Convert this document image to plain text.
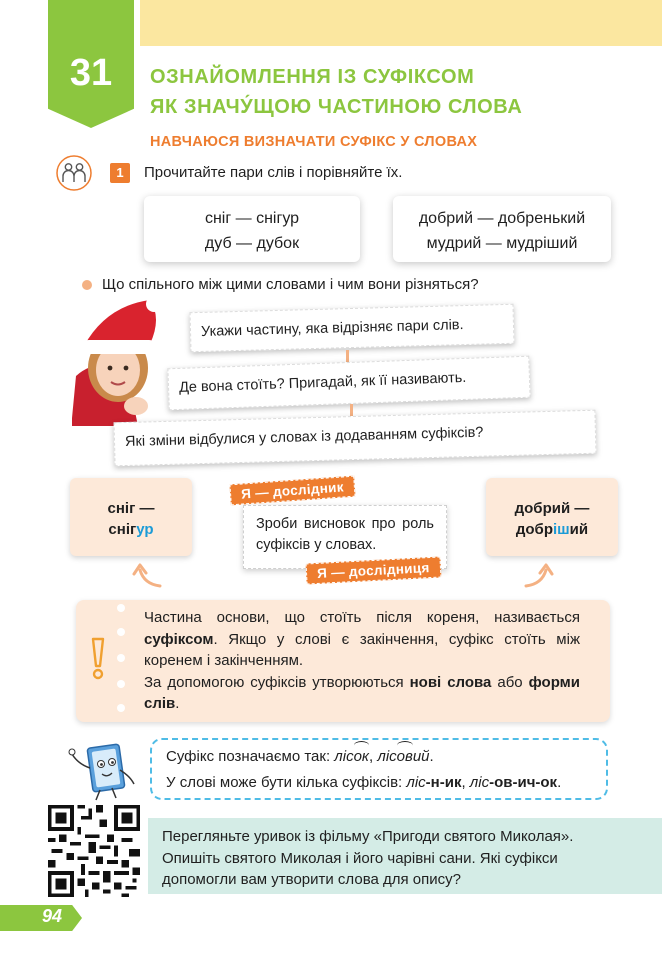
31	ОЗНАЙОМЛЕННЯ ІЗ СУФІКСОМ
ЯК ЗНАЧУ́ЩОЮ ЧАСТИНОЮ СЛОВА
НАВЧАЮСЯ ВИЗНАЧАТИ СУФІКС У СЛОВАХ
1	Прочитайте пари слів і порівняйте їх.
сніг — снігур
дуб — дубок
добрий — добренький
мудрий — мудріший
Що спільного між цими словами і чим вони різняться?
Укажи частину, яка відрізняє пари слів.
Де вона стоїть? Пригадай, як її називають.
Які зміни відбулися у словах із додаванням суфіксів?
сніг —
снігур
добрий —
добріший
Зроби висновок про роль суфіксів у словах.
Я — дослідник
Я — дослідниця
Частина основи, що стоїть після кореня, називається суфіксом. Якщо у слові є закінчення, суфікс стоїть між коренем і закінченням.
За допомогою суфіксів утворюються нові слова або форми слів.
Суфікс позначаємо так: лісок, лісовий.
У слові може бути кілька суфіксів: ліс-н-ик, ліс-ов-ич-ок.
Перегляньте уривок із фільму «Пригоди святого Миколая». Опишіть святого Миколая і його чарівні сани. Які суфікси допомогли вам утворити слова для опису?
94
